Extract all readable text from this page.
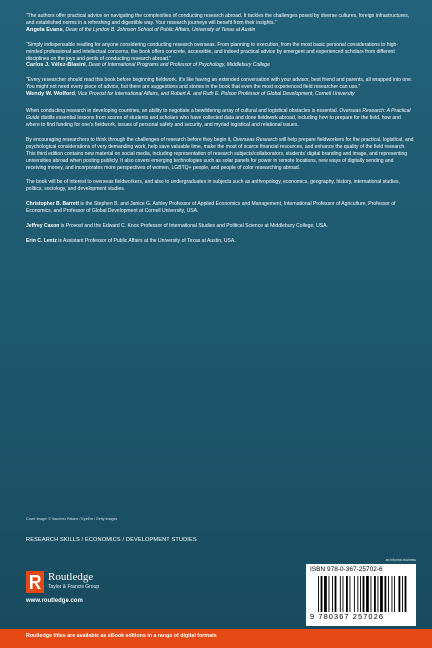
“The authors offer practical advice on navigating the complexities of conducting research abroad. It tackles the challenges posed by diverse cultures, foreign infrastructures, and established norms in a refreshing and digestible way. Your research journeys will benefit from their insights.”
Angela Evans, Dean of the Lyndon B. Johnson School of Public Affairs, University of Texas at Austin
“Simply indispensable reading for anyone considering conducting research overseas. From planning to execution, from the most basic personal considerations to high-minded professional and intellectual concerns, the book offers concrete, accessible, and indeed practical advice by emergent and experienced scholars from different disciplines on the joys and perils of conducting research abroad.”
Carlos J. Vélez-Blasini, Dean of International Programs and Professor of Psychology, Middlebury College
“Every researcher should read this book before beginning fieldwork. It’s like having an extended conversation with your advisor, best friend and parents, all wrapped into one. You might not need every piece of advice, but there are suggestions and stories in the book that even the most experienced field researcher can use.”
Wendy W. Wolford, Vice Provost for International Affairs, and Robert A. and Ruth E. Polson Professor of Global Development, Cornell University

When conducting research in developing countries, an ability to negotiate a bewildering array of cultural and logistical obstacles is essential. Overseas Research: A Practical Guide distills essential lessons from scores of students and scholars who have collected data and done fieldwork abroad, including how to prepare for the field, how and where to find funding for one’s fieldwork, issues of personal safety and security, and myriad logistical and relational issues.

By encouraging researchers to think through the challenges of research before they begin it, Overseas Research will help prepare fieldworkers for the practical, logistical, and psychological considerations of very demanding work, help save valuable time, make the most of scarce financial resources, and enhance the quality of the field research. This third edition contains new material on social media, including representation of research subjects/collaborators, students’ digital branding and image, and representing universities abroad when posting publicly. It also covers emerging technologies such as solar panels for power in remote locations, new ways of digitally sending and receiving money, and incorporates more perspectives of women, LGBTQ+ people, and people of color researching abroad.

The book will be of interest to overseas fieldworkers, and also to undergraduates in subjects such as anthropology, economics, geography, history, international studies, politics, sociology, and development studies.

Christopher B. Barrett is the Stephen B. and Janice G. Ashley Professor of Applied Economics and Management, International Professor of Agriculture, Professor of Economics, and Professor of Global Development at Cornell University, USA.

Jeffrey Cason is Provost and the Edward C. Knox Professor of International Studies and Political Science at Middlebury College, USA.

Erin C. Lentz is Assistant Professor of Public Affairs at the University of Texas at Austin, USA.

Cover image: © Sanchez Patane / EyeEm / Getty Images
RESEARCH SKILLS / ECONOMICS / DEVELOPMENT STUDIES
Routledge
Taylor & Francis Group
www.routledge.com
an informa business
ISBN 978-0-367-25702-6
9 780367 257026
Routledge titles are available as eBook editions in a range of digital formats
